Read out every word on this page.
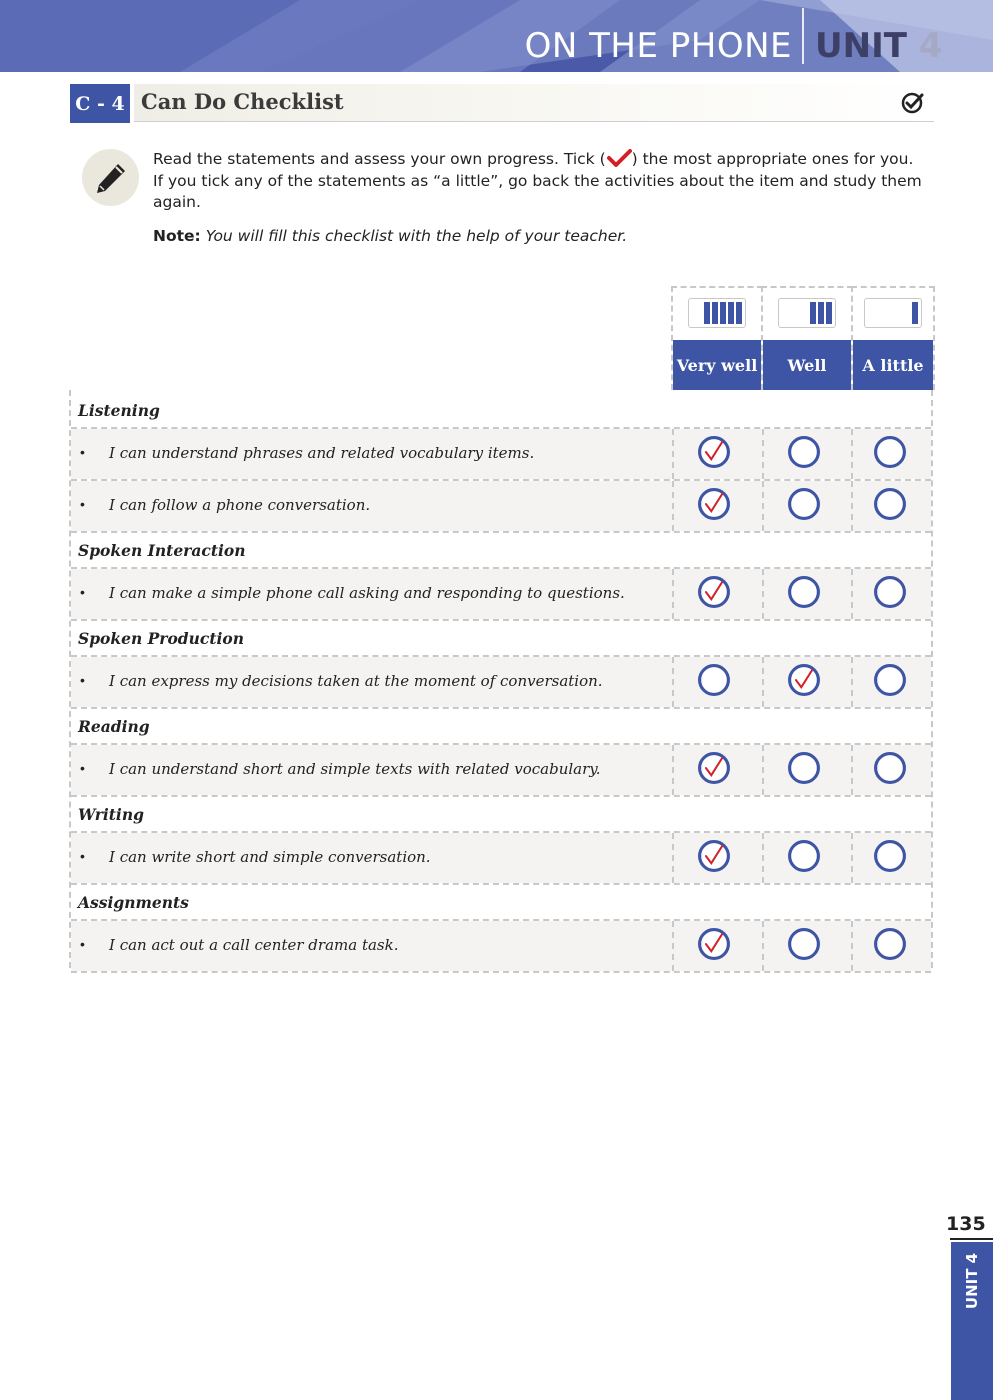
ON THE PHONE UNIT 4
C - 4 Can Do Checklist
Read the statements and assess your own progress. Tick ( ) the most appropriate ones for you.
If you tick any of the statements as “a little”, go back the activities about the item and study them again.
Note: You will fill this checklist with the help of your teacher.
Very well	Well	A little
Listening
• I can understand phrases and related vocabulary items.
• I can follow a phone conversation.
Spoken Interaction
• I can make a simple phone call asking and responding to questions.
Spoken Production
• I can express my decisions taken at the moment of conversation.
Reading
• I can understand short and simple texts with related vocabulary.
Writing
• I can write short and simple conversation.
Assignments
• I can act out a call center drama task.
135
UNIT 4
